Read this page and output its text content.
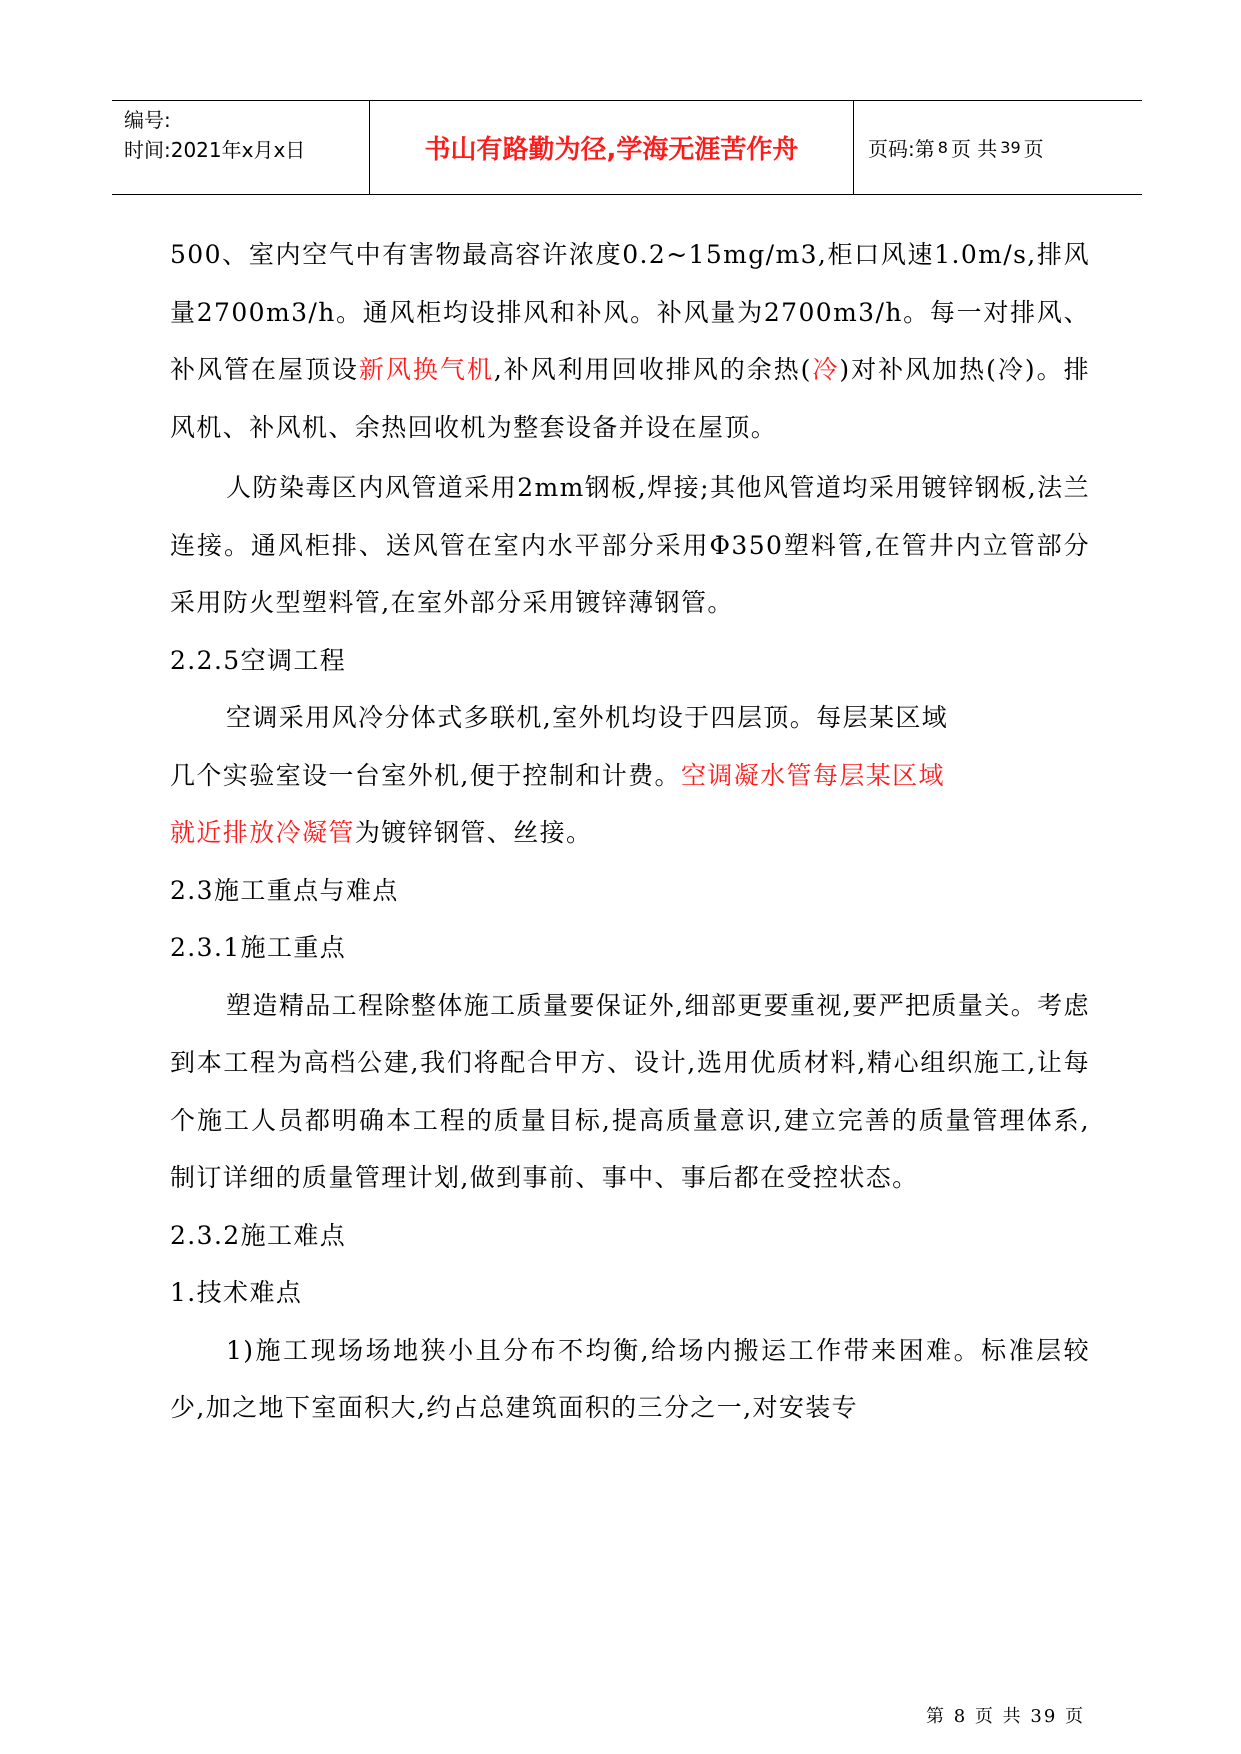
编号:
时间:2021年x月x日	书山有路勤为径,学海无涯苦作舟	页码:第 8 页 共 39 页

500、室内空气中有害物最高容许浓度0.2~15mg/m3,柜口风速1.0m/s,排风量2700m3/h。通风柜均设排风和补风。补风量为2700m3/h。每一对排风、补风管在屋顶设新风换气机,补风利用回收排风的余热(冷)对补风加热(冷)。排风机、补风机、余热回收机为整套设备并设在屋顶。

人防染毒区内风管道采用2mm钢板,焊接;其他风管道均采用镀锌钢板,法兰连接。通风柜排、送风管在室内水平部分采用Φ350塑料管,在管井内立管部分采用防火型塑料管,在室外部分采用镀锌薄钢管。

2.2.5空调工程

空调采用风冷分体式多联机,室外机均设于四层顶。每层某区域

几个实验室设一台室外机,便于控制和计费。空调凝水管每层某区域

就近排放冷凝管为镀锌钢管、丝接。

2.3施工重点与难点

2.3.1施工重点

塑造精品工程除整体施工质量要保证外,细部更要重视,要严把质量关。考虑到本工程为高档公建,我们将配合甲方、设计,选用优质材料,精心组织施工,让每个施工人员都明确本工程的质量目标,提高质量意识,建立完善的质量管理体系,制订详细的质量管理计划,做到事前、事中、事后都在受控状态。

2.3.2施工难点

1.技术难点

1)施工现场场地狭小且分布不均衡,给场内搬运工作带来困难。标准层较少,加之地下室面积大,约占总建筑面积的三分之一,对安装专

第 8 页 共 39 页
